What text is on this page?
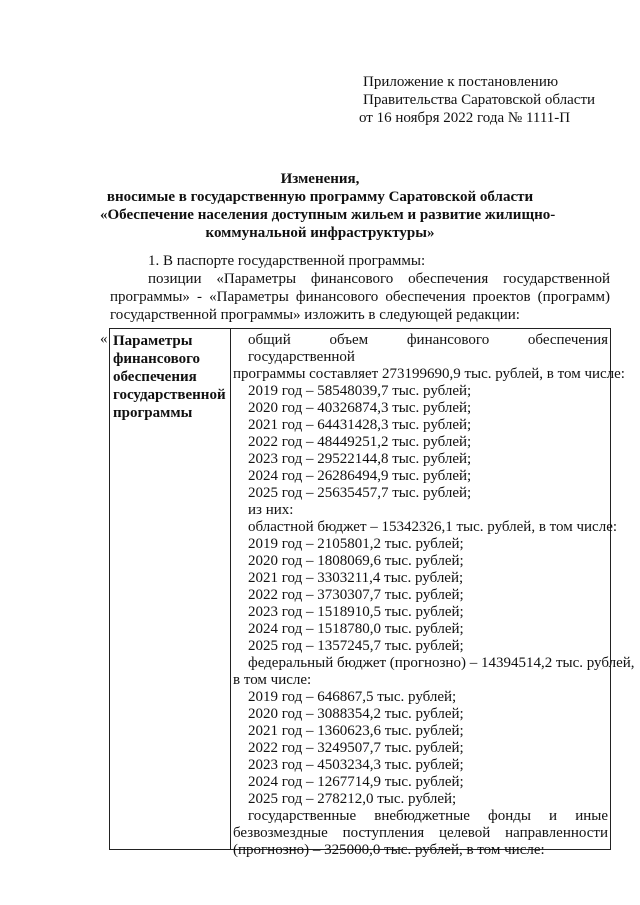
Приложение к постановлению
Правительства Саратовской области
от 16 ноября 2022 года № 1111-П
Изменения,
вносимые в государственную программу Саратовской области
«Обеспечение населения доступным жильем и развитие жилищно-
коммунальной инфраструктуры»
1. В паспорте государственной программы:
позиции «Параметры финансового обеспечения государственной программы» - «Параметры финансового обеспечения проектов (программ) государственной программы» изложить в следующей редакции:
« Параметры
финансового
обеспечения
государственной
программы
общий объем финансового обеспечения государственной
программы составляет 273199690,9 тыс. рублей, в том числе:
2019 год – 58548039,7 тыс. рублей;
2020 год – 40326874,3 тыс. рублей;
2021 год – 64431428,3 тыс. рублей;
2022 год – 48449251,2 тыс. рублей;
2023 год – 29522144,8 тыс. рублей;
2024 год – 26286494,9 тыс. рублей;
2025 год – 25635457,7 тыс. рублей;
из них:
областной бюджет – 15342326,1 тыс. рублей, в том числе:
2019 год – 2105801,2 тыс. рублей;
2020 год – 1808069,6 тыс. рублей;
2021 год – 3303211,4 тыс. рублей;
2022 год – 3730307,7 тыс. рублей;
2023 год – 1518910,5 тыс. рублей;
2024 год – 1518780,0 тыс. рублей;
2025 год – 1357245,7 тыс. рублей;
федеральный бюджет (прогнозно) – 14394514,2 тыс. рублей,
в том числе:
2019 год – 646867,5 тыс. рублей;
2020 год – 3088354,2 тыс. рублей;
2021 год – 1360623,6 тыс. рублей;
2022 год – 3249507,7 тыс. рублей;
2023 год – 4503234,3 тыс. рублей;
2024 год – 1267714,9 тыс. рублей;
2025 год – 278212,0 тыс. рублей;
государственные внебюджетные фонды и иные
безвозмездные поступления целевой направленности
(прогнозно) – 325000,0 тыс. рублей, в том числе:
